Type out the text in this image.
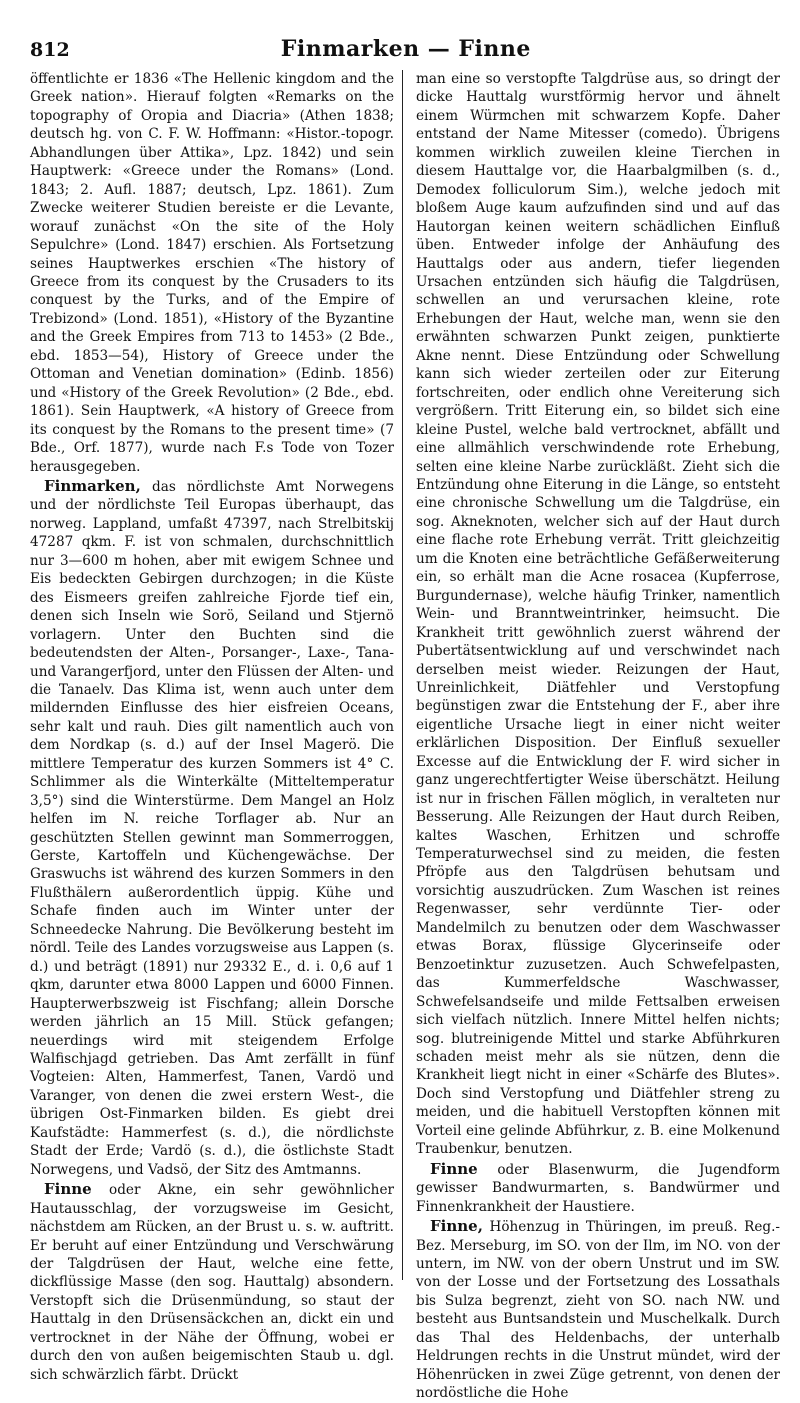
812	Finmarken — Finne

öffentlichte er 1836 «The Hellenic kingdom and the Greek nation». Hierauf folgten «Remarks on the topography of Oropia and Diacria» (Athen 1838; deutsch hg. von C. F. W. Hoffmann: «Histor.-topogr. Abhandlungen über Attika», Lpz. 1842) und sein Hauptwerk: «Greece under the Romans» (Lond. 1843; 2. Aufl. 1887; deutsch, Lpz. 1861). Zum Zwecke weiterer Studien bereiste er die Levante, worauf zunächst «On the site of the Holy Sepulchre» (Lond. 1847) erschien. Als Fortsetzung seines Hauptwerkes erschien «The history of Greece from its conquest by the Crusaders to its conquest by the Turks, and of the Empire of Trebizond» (Lond. 1851), «History of the Byzantine and the Greek Empires from 713 to 1453» (2 Bde., ebd. 1853—54), History of Greece under the Ottoman and Venetian domination» (Edinb. 1856) und «History of the Greek Revolution» (2 Bde., ebd. 1861). Sein Hauptwerk, «A history of Greece from its conquest by the Romans to the present time» (7 Bde., Orf. 1877), wurde nach F.s Tode von Tozer herausgegeben.

Finmarken, das nördlichste Amt Norwegens und der nördlichste Teil Europas überhaupt, das norweg. Lappland, umfaßt 47397, nach Strelbitskij 47287 qkm. F. ist von schmalen, durchschnittlich nur 3—600 m hohen, aber mit ewigem Schnee und Eis bedeckten Gebirgen durchzogen; in die Küste des Eismeers greifen zahlreiche Fjorde tief ein, denen sich Inseln wie Sorö, Seiland und Stjernö vorlagern. Unter den Buchten sind die bedeutendsten der Alten-, Porsanger-, Laxe-, Tana- und Varangerfjord, unter den Flüssen der Alten- und die Tanaelv. Das Klima ist, wenn auch unter dem mildernden Einflusse des hier eisfreien Oceans, sehr kalt und rauh. Dies gilt namentlich auch von dem Nordkap (s. d.) auf der Insel Magerö. Die mittlere Temperatur des kurzen Sommers ist 4° C. Schlimmer als die Winterkälte (Mitteltemperatur 3,5°) sind die Winterstürme. Dem Mangel an Holz helfen im N. reiche Torflager ab. Nur an geschützten Stellen gewinnt man Sommerroggen, Gerste, Kartoffeln und Küchengewächse. Der Graswuchs ist während des kurzen Sommers in den Flußthälern außerordentlich üppig. Kühe und Schafe finden auch im Winter unter der Schneedecke Nahrung. Die Bevölkerung besteht im nördl. Teile des Landes vorzugsweise aus Lappen (s. d.) und beträgt (1891) nur 29332 E., d. i. 0,6 auf 1 qkm, darunter etwa 8000 Lappen und 6000 Finnen. Haupterwerbszweig ist Fischfang; allein Dorsche werden jährlich an 15 Mill. Stück gefangen; neuerdings wird mit steigendem Erfolge Walfischjagd getrieben. Das Amt zerfällt in fünf Vogteien: Alten, Hammerfest, Tanen, Vardö und Varanger, von denen die zwei erstern West-, die übrigen Ost-Finmarken bilden. Es giebt drei Kaufstädte: Hammerfest (s. d.), die nördlichste Stadt der Erde; Vardö (s. d.), die östlichste Stadt Norwegens, und Vadsö, der Sitz des Amtmanns.

Finne oder Akne, ein sehr gewöhnlicher Hautausschlag, der vorzugsweise im Gesicht, nächstdem am Rücken, an der Brust u. s. w. auftritt. Er beruht auf einer Entzündung und Verschwärung der Talgdrüsen der Haut, welche eine fette, dickflüssige Masse (den sog. Hauttalg) absondern. Verstopft sich die Drüsenmündung, so staut der Hauttalg in den Drüsensäckchen an, dickt ein und vertrocknet in der Nähe der Öffnung, wobei er durch den von außen beigemischten Staub u. dgl. sich schwärzlich färbt. Drückt

man eine so verstopfte Talgdrüse aus, so dringt der dicke Hauttalg wurstförmig hervor und ähnelt einem Würmchen mit schwarzem Kopfe. Daher entstand der Name Mitesser (comedo). Übrigens kommen wirklich zuweilen kleine Tierchen in diesem Hauttalge vor, die Haarbalgmilben (s. d., Demodex folliculorum Sim.), welche jedoch mit bloßem Auge kaum aufzufinden sind und auf das Hautorgan keinen weitern schädlichen Einfluß üben. Entweder infolge der Anhäufung des Hauttalgs oder aus andern, tiefer liegenden Ursachen entzünden sich häufig die Talgdrüsen, schwellen an und verursachen kleine, rote Erhebungen der Haut, welche man, wenn sie den erwähnten schwarzen Punkt zeigen, punktierte Akne nennt. Diese Entzündung oder Schwellung kann sich wieder zerteilen oder zur Eiterung fortschreiten, oder endlich ohne Vereiterung sich vergrößern. Tritt Eiterung ein, so bildet sich eine kleine Pustel, welche bald vertrocknet, abfällt und eine allmählich verschwindende rote Erhebung, selten eine kleine Narbe zurückläßt. Zieht sich die Entzündung ohne Eiterung in die Länge, so entsteht eine chronische Schwellung um die Talgdrüse, ein sog. Akneknoten, welcher sich auf der Haut durch eine flache rote Erhebung verrät. Tritt gleichzeitig um die Knoten eine beträchtliche Gefäßerweiterung ein, so erhält man die Acne rosacea (Kupferrose, Burgundernase), welche häufig Trinker, namentlich Wein- und Branntweintrinker, heimsucht. Die Krankheit tritt gewöhnlich zuerst während der Pubertätsentwicklung auf und verschwindet nach derselben meist wieder. Reizungen der Haut, Unreinlichkeit, Diätfehler und Verstopfung begünstigen zwar die Entstehung der F., aber ihre eigentliche Ursache liegt in einer nicht weiter erklärlichen Disposition. Der Einfluß sexueller Excesse auf die Entwicklung der F. wird sicher in ganz ungerechtfertigter Weise überschätzt. Heilung ist nur in frischen Fällen möglich, in veralteten nur Besserung. Alle Reizungen der Haut durch Reiben, kaltes Waschen, Erhitzen und schroffe Temperaturwechsel sind zu meiden, die festen Pfröpfe aus den Talgdrüsen behutsam und vorsichtig auszudrücken. Zum Waschen ist reines Regenwasser, sehr verdünnte Tier- oder Mandelmilch zu benutzen oder dem Waschwasser etwas Borax, flüssige Glycerinseife oder Benzoetinktur zuzusetzen. Auch Schwefelpasten, das Kummerfeldsche Waschwasser, Schwefelsandseife und milde Fettsalben erweisen sich vielfach nützlich. Innere Mittel helfen nichts; sog. blutreinigende Mittel und starke Abführkuren schaden meist mehr als sie nützen, denn die Krankheit liegt nicht in einer «Schärfe des Blutes». Doch sind Verstopfung und Diätfehler streng zu meiden, und die habituell Verstopften können mit Vorteil eine gelinde Abführkur, z. B. eine Molkenund Traubenkur, benutzen.

Finne oder Blasenwurm, die Jugendform gewisser Bandwurmarten, s. Bandwürmer und Finnenkrankheit der Haustiere.

Finne, Höhenzug in Thüringen, im preuß. Reg.-Bez. Merseburg, im SO. von der Ilm, im NO. von der untern, im NW. von der obern Unstrut und im SW. von der Losse und der Fortsetzung des Lossathals bis Sulza begrenzt, zieht von SO. nach NW. und besteht aus Buntsandstein und Muschelkalk. Durch das Thal des Heldenbachs, der unterhalb Heldrungen rechts in die Unstrut mündet, wird der Höhenrücken in zwei Züge getrennt, von denen der nordöstliche die Hohe
